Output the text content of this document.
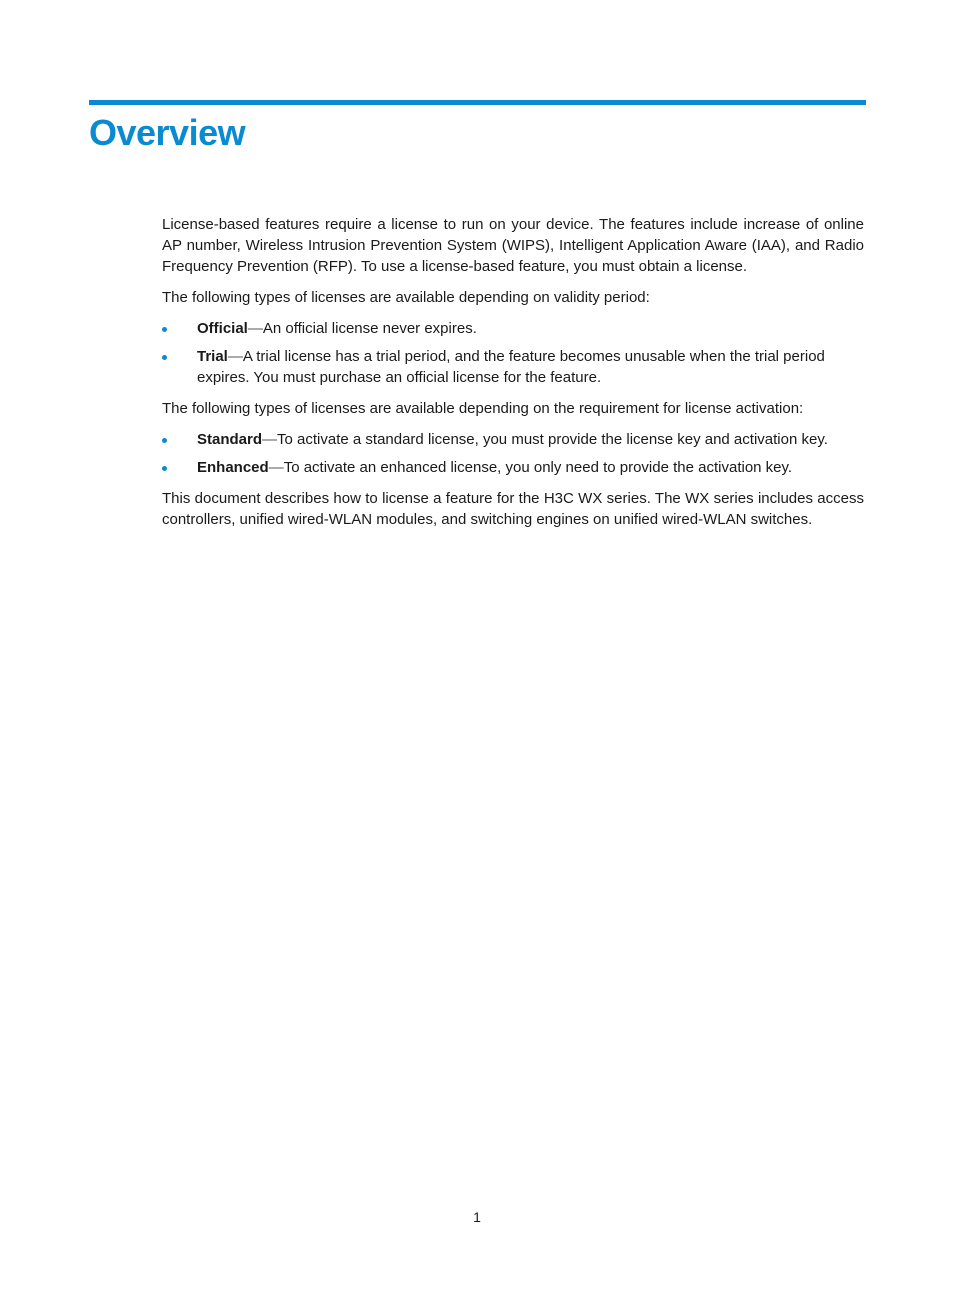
Overview

License-based features require a license to run on your device. The features include increase of online AP number, Wireless Intrusion Prevention System (WIPS), Intelligent Application Aware (IAA), and Radio Frequency Prevention (RFP). To use a license-based feature, you must obtain a license.

The following types of licenses are available depending on validity period:

Official—An official license never expires.
Trial—A trial license has a trial period, and the feature becomes unusable when the trial period expires. You must purchase an official license for the feature.

The following types of licenses are available depending on the requirement for license activation:

Standard—To activate a standard license, you must provide the license key and activation key.
Enhanced—To activate an enhanced license, you only need to provide the activation key.

This document describes how to license a feature for the H3C WX series. The WX series includes access controllers, unified wired-WLAN modules, and switching engines on unified wired-WLAN switches.

1
